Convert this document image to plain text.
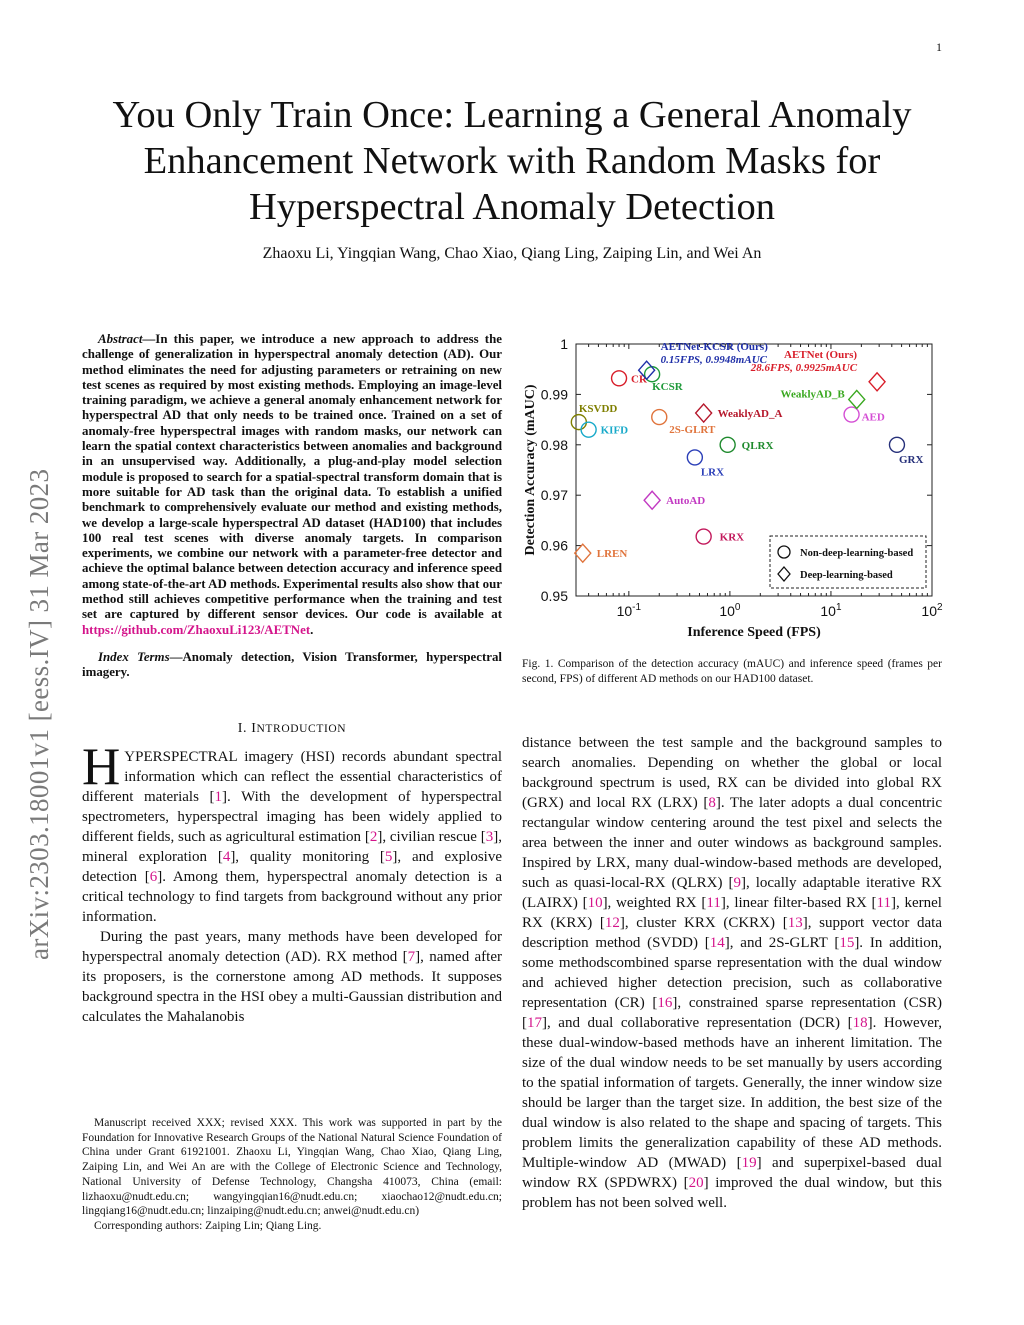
1
arXiv:2303.18001v1 [eess.IV] 31 Mar 2023
You Only Train Once: Learning a General Anomaly Enhancement Network with Random Masks for Hyperspectral Anomaly Detection
Zhaoxu Li, Yingqian Wang, Chao Xiao, Qiang Ling, Zaiping Lin, and Wei An

Abstract—In this paper, we introduce a new approach to address the challenge of generalization in hyperspectral anomaly detection (AD). Our method eliminates the need for adjusting parameters or retraining on new test scenes as required by most existing methods. Employing an image-level training paradigm, we achieve a general anomaly enhancement network for hyperspectral AD that only needs to be trained once. Trained on a set of anomaly-free hyperspectral images with random masks, our network can learn the spatial context characteristics between anomalies and background in an unsupervised way. Additionally, a plug-and-play model selection module is proposed to search for a spatial-spectral transform domain that is more suitable for AD task than the original data. To establish a unified benchmark to comprehensively evaluate our method and existing methods, we develop a large-scale hyperspectral AD dataset (HAD100) that includes 100 real test scenes with diverse anomaly targets. In comparison experiments, we combine our network with a parameter-free detector and achieve the optimal balance between detection accuracy and inference speed among state-of-the-art AD methods. Experimental results also show that our method still achieves competitive performance when the training and test set are captured by different sensor devices. Our code is available at https://github.com/ZhaoxuLi123/AETNet.

Index Terms—Anomaly detection, Vision Transformer, hyperspectral imagery.
I. INTRODUCTION

HYPERSPECTRAL imagery (HSI) records abundant spectral information which can reflect the essential characteristics of different materials [1]. With the development of hyperspectral spectrometers, hyperspectral imaging has been widely applied to different fields, such as agricultural estimation [2], civilian rescue [3], mineral exploration [4], quality monitoring [5], and explosive detection [6]. Among them, hyperspectral anomaly detection is a critical technology to find targets from background without any prior information.

During the past years, many methods have been developed for hyperspectral anomaly detection (AD). RX method [7], named after its proposers, is the cornerstone among AD methods. It supposes background spectra in the HSI obey a multi-Gaussian distribution and calculates the Mahalanobis

Manuscript received XXX; revised XXX. This work was supported in part by the Foundation for Innovative Research Groups of the National Natural Science Foundation of China under Grant 61921001. Zhaoxu Li, Yingqian Wang, Chao Xiao, Qiang Ling, Zaiping Lin, and Wei An are with the College of Electronic Science and Technology, National University of Defense Technology, Changsha 410073, China (email: lizhaoxu@nudt.edu.cn; wangyingqian16@nudt.edu.cn; xiaochao12@nudt.edu.cn; lingqiang16@nudt.edu.cn; linzaiping@nudt.edu.cn; anwei@nudt.edu.cn)

Corresponding authors: Zaiping Lin; Qiang Ling.

0.95
0.96
0.97
0.98
0.99
1
$10^{-1}$	$10^0$	$10^1$	$10^2$
Inference Speed (FPS)
Detection Accuracy (mAUC)
CR
KSVDD
KIFD
KCSR
2S-GLRT
LRX
QLRX
KRX
AED
GRX
AETNet-KCSR (Ours)
0.15FPS, 0.9948mAUC AETNet (Ours)
28.6FPS, 0.9925mAUC
WeaklyAD_B
WeaklyAD_A
AutoAD
LREN	Non-deep-learning-based
Deep-learning-based
Fig. 1. Comparison of the detection accuracy (mAUC) and inference speed (frames per second, FPS) of different AD methods on our HAD100 dataset.

distance between the test sample and the background samples to search anomalies. Depending on whether the global or local background spectrum is used, RX can be divided into global RX (GRX) and local RX (LRX) [8]. The later adopts a dual concentric rectangular window centering around the test pixel and selects the area between the inner and outer windows as background samples. Inspired by LRX, many dual-window-based methods are developed, such as quasi-local-RX (QLRX) [9], locally adaptable iterative RX (LAIRX) [10], weighted RX [11], linear filter-based RX [11], kernel RX (KRX) [12], cluster KRX (CKRX) [13], support vector data description method (SVDD) [14], and 2S-GLRT [15]. In addition, some methodscombined sparse representation with the dual window and achieved higher detection precision, such as collaborative representation (CR) [16], constrained sparse representation (CSR) [17], and dual collaborative representation (DCR) [18]. However, these dual-window-based methods have an inherent limitation. The size of the dual window needs to be set manually by users according to the spatial information of targets. Generally, the inner window size should be larger than the target size. In addition, the best size of the dual window is also related to the shape and spacing of targets. This problem limits the generalization capability of these AD methods. Multiple-window AD (MWAD) [19] and superpixel-based dual window RX (SPDWRX) [20] improved the dual window, but this problem has not been solved well.
